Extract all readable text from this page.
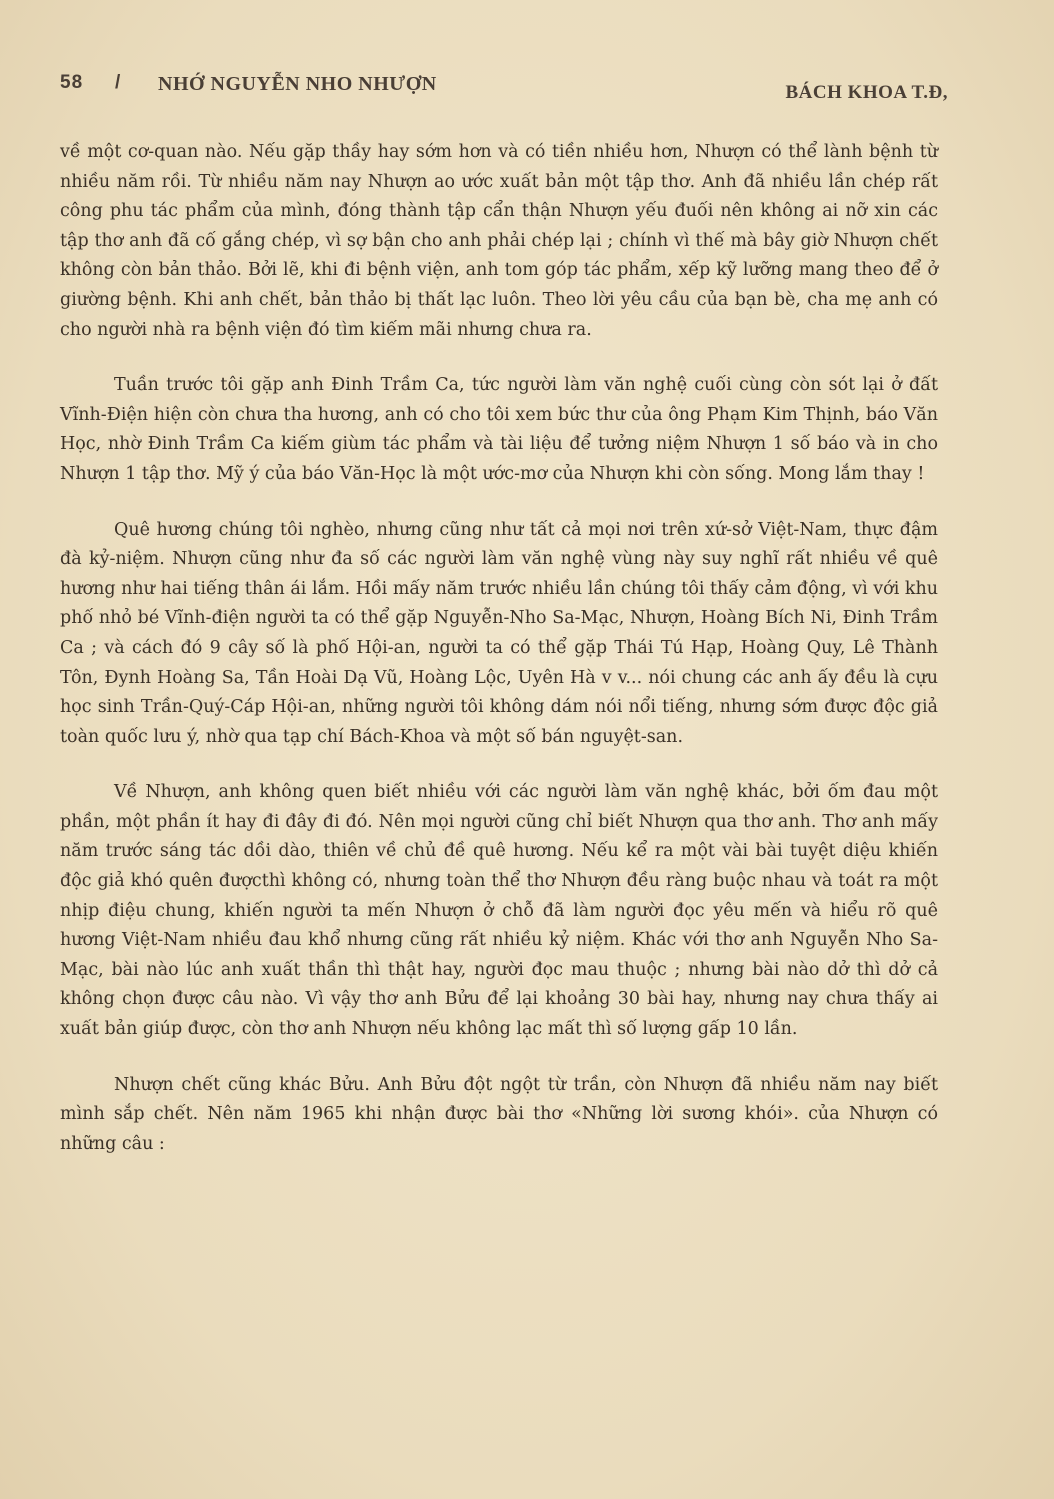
58 / NHỚ NGUYỄN NHO NHƯỢN	BÁCH KHOA T.Đ,

về một cơ-quan nào. Nếu gặp thầy hay sớm hơn và có tiền nhiều hơn, Nhượn có thể lành bệnh từ nhiều năm rồi. Từ nhiều năm nay Nhượn ao ước xuất bản một tập thơ. Anh đã nhiều lần chép rất công phu tác phẩm của mình, đóng thành tập cẩn thận Nhượn yếu đuối nên không ai nỡ xin các tập thơ anh đã cố gắng chép, vì sợ bận cho anh phải chép lại ; chính vì thế mà bây giờ Nhượn chết không còn bản thảo. Bởi lẽ, khi đi bệnh viện, anh tom góp tác phẩm, xếp kỹ lưỡng mang theo để ở giường bệnh. Khi anh chết, bản thảo bị thất lạc luôn. Theo lời yêu cầu của bạn bè, cha mẹ anh có cho người nhà ra bệnh viện đó tìm kiếm mãi nhưng chưa ra.

Tuần trước tôi gặp anh Đinh Trầm Ca, tức người làm văn nghệ cuối cùng còn sót lại ở đất Vĩnh-Điện hiện còn chưa tha hương, anh có cho tôi xem bức thư của ông Phạm Kim Thịnh, báo Văn Học, nhờ Đinh Trầm Ca kiếm giùm tác phẩm và tài liệu để tưởng niệm Nhượn 1 số báo và in cho Nhượn 1 tập thơ. Mỹ ý của báo Văn-Học là một ước-mơ của Nhượn khi còn sống. Mong lắm thay !

Quê hương chúng tôi nghèo, nhưng cũng như tất cả mọi nơi trên xứ-sở Việt-Nam, thực đậm đà kỷ-niệm. Nhượn cũng như đa số các người làm văn nghệ vùng này suy nghĩ rất nhiều về quê hương như hai tiếng thân ái lắm. Hồi mấy năm trước nhiều lần chúng tôi thấy cảm động, vì với khu phố nhỏ bé Vĩnh-điện người ta có thể gặp Nguyễn-Nho Sa-Mạc, Nhượn, Hoàng Bích Ni, Đinh Trầm Ca ; và cách đó 9 cây số là phố Hội-an, người ta có thể gặp Thái Tú Hạp, Hoàng Quy, Lê Thành Tôn, Đynh Hoàng Sa, Tần Hoài Dạ Vũ, Hoàng Lộc, Uyên Hà v v... nói chung các anh ấy đều là cựu học sinh Trần-Quý-Cáp Hội-an, những người tôi không dám nói nổi tiếng, nhưng sớm được độc giả toàn quốc lưu ý, nhờ qua tạp chí Bách-Khoa và một số bán nguyệt-san.

Về Nhượn, anh không quen biết nhiều với các người làm văn nghệ khác, bởi ốm đau một phần, một phần ít hay đi đây đi đó. Nên mọi người cũng chỉ biết Nhượn qua thơ anh. Thơ anh mấy năm trước sáng tác dồi dào, thiên về chủ đề quê hương. Nếu kể ra một vài bài tuyệt diệu khiến độc giả khó quên đượcthì không có, nhưng toàn thể thơ Nhượn đều ràng buộc nhau và toát ra một nhịp điệu chung, khiến người ta mến Nhượn ở chỗ đã làm người đọc yêu mến và hiểu rõ quê hương Việt-Nam nhiều đau khổ nhưng cũng rất nhiều kỷ niệm. Khác với thơ anh Nguyễn Nho Sa- Mạc, bài nào lúc anh xuất thần thì thật hay, người đọc mau thuộc ; nhưng bài nào dở thì dở cả không chọn được câu nào. Vì vậy thơ anh Bửu để lại khoảng 30 bài hay, nhưng nay chưa thấy ai xuất bản giúp được, còn thơ anh Nhượn nếu không lạc mất thì số lượng gấp 10 lần.

Nhượn chết cũng khác Bửu. Anh Bửu đột ngột từ trần, còn Nhượn đã nhiều năm nay biết mình sắp chết. Nên năm 1965 khi nhận được bài thơ «Những lời sương khói». của Nhượn có những câu :
